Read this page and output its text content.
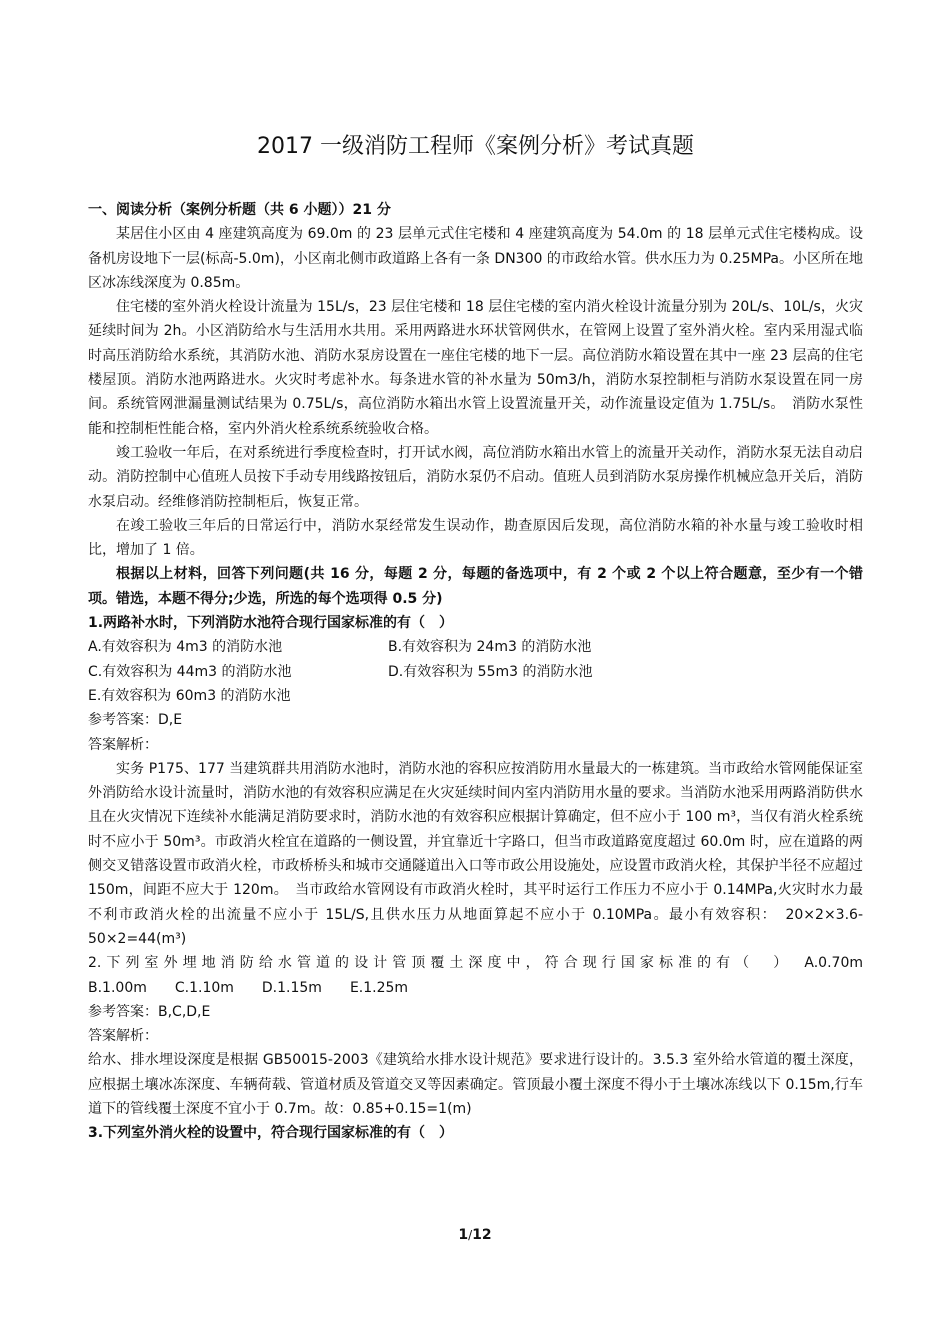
2017 一级消防工程师《案例分析》考试真题

一、阅读分析（案例分析题（共 6 小题））21 分

某居住小区由 4 座建筑高度为 69.0m 的 23 层单元式住宅楼和 4 座建筑高度为 54.0m 的 18 层单元式住宅楼构成。设备机房设地下一层(标高-5.0m)，小区南北侧市政道路上各有一条 DN300 的市政给水管。供水压力为 0.25MPa。小区所在地区冰冻线深度为 0.85m。

住宅楼的室外消火栓设计流量为 15L/s，23 层住宅楼和 18 层住宅楼的室内消火栓设计流量分别为 20L/s、10L/s，火灾延续时间为 2h。小区消防给水与生活用水共用。采用两路进水环状管网供水，在管网上设置了室外消火栓。室内采用湿式临时高压消防给水系统，其消防水池、消防水泵房设置在一座住宅楼的地下一层。高位消防水箱设置在其中一座 23 层高的住宅楼屋顶。消防水池两路进水。火灾时考虑补水。每条进水管的补水量为 50m3/h，消防水泵控制柜与消防水泵设置在同一房间。系统管网泄漏量测试结果为 0.75L/s，高位消防水箱出水管上设置流量开关，动作流量设定值为 1.75L/s。　消防水泵性能和控制柜性能合格，室内外消火栓系统系统验收合格。

竣工验收一年后，在对系统进行季度检查时，打开试水阀，高位消防水箱出水管上的流量开关动作，消防水泵无法自动启动。消防控制中心值班人员按下手动专用线路按钮后，消防水泵仍不启动。值班人员到消防水泵房操作机械应急开关后，消防水泵启动。经维修消防控制柜后，恢复正常。

在竣工验收三年后的日常运行中，消防水泵经常发生误动作，勘查原因后发现，高位消防水箱的补水量与竣工验收时相比，增加了 1 倍。

根据以上材料，回答下列问题(共 16 分，每题 2 分，每题的备选项中，有 2 个或 2 个以上符合题意，至少有一个错项。错选，本题不得分;少选，所选的每个选项得 0.5 分)

1.两路补水时，下列消防水池符合现行国家标准的有（　）

A.有效容积为 4m3 的消防水池	B.有效容积为 24m3 的消防水池
C.有效容积为 44m3 的消防水池	D.有效容积为 55m3 的消防水池

E.有效容积为 60m3 的消防水池

参考答案：D,E

答案解析：

实务 P175、177 当建筑群共用消防水池时，消防水池的容积应按消防用水量最大的一栋建筑。当市政给水管网能保证室外消防给水设计流量时，消防水池的有效容积应满足在火灾延续时间内室内消防用水量的要求。当消防水池采用两路消防供水且在火灾情况下连续补水能满足消防要求时，消防水池的有效容积应根据计算确定，但不应小于 100 m³，当仅有消火栓系统时不应小于 50m³。市政消火栓宜在道路的一侧设置，并宜靠近十字路口，但当市政道路宽度超过 60.0m 时，应在道路的两侧交叉错落设置市政消火栓，市政桥桥头和城市交通隧道出入口等市政公用设施处，应设置市政消火栓，其保护半径不应超过 150m，间距不应大于 120m。　当市政给水管网设有市政消火栓时，其平时运行工作压力不应小于 0.14MPa,火灾时水力最不利市政消火栓的出流量不应小于 15L/S,且供水压力从地面算起不应小于 0.10MPa。最小有效容积：　20×2×3.6-50×2=44(m³)

2.下列室外埋地消防给水管道的设计管顶覆土深度中，符合现行国家标准的有（　）　A.0.70m

B.1.00m　　C.1.10m　　D.1.15m　　E.1.25m

参考答案：B,C,D,E

答案解析：

给水、排水埋设深度是根据 GB50015-2003《建筑给水排水设计规范》要求进行设计的。3.5.3 室外给水管道的覆土深度，应根据土壤冰冻深度、车辆荷载、管道材质及管道交叉等因素确定。管顶最小覆土深度不得小于土壤冰冻线以下 0.15m,行车道下的管线覆土深度不宜小于 0.7m。故：0.85+0.15=1(m)

3.下列室外消火栓的设置中，符合现行国家标准的有（　）

1/12
